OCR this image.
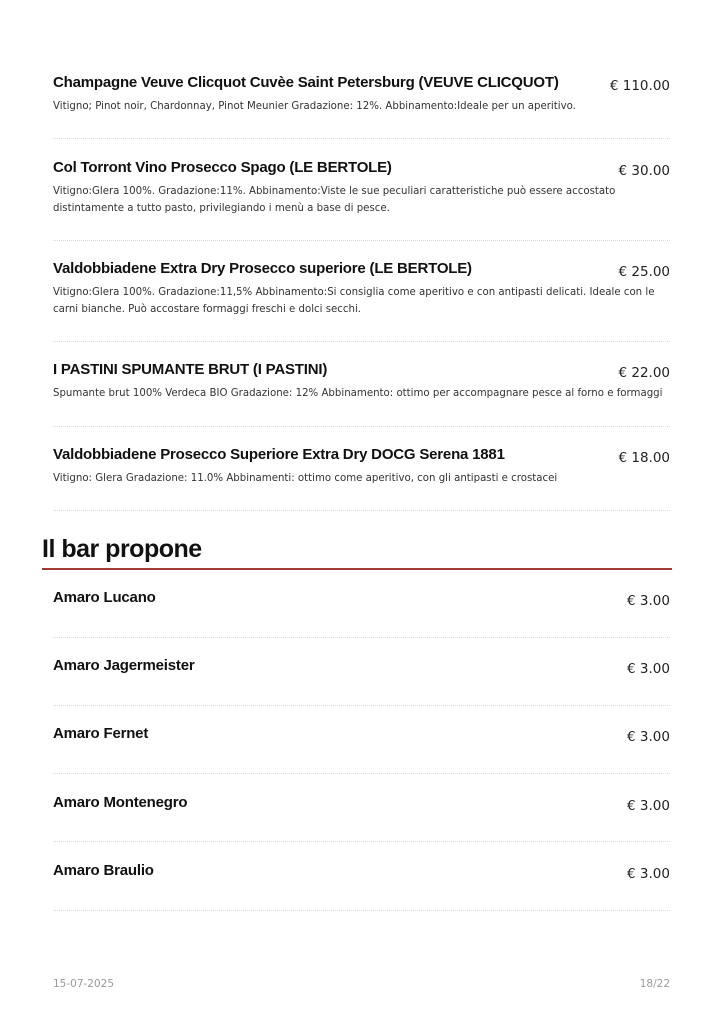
Champagne Veuve Clicquot Cuvèe Saint Petersburg (VEUVE CLICQUOT)	€ 110.00
Vitigno; Pinot noir, Chardonnay, Pinot Meunier Gradazione: 12%. Abbinamento:Ideale per un aperitivo.
Col Torront Vino Prosecco Spago (LE BERTOLE)	€ 30.00
Vitigno:Glera 100%. Gradazione:11%. Abbinamento:Viste le sue peculiari caratteristiche può essere accostato distintamente a tutto pasto, privilegiando i menù a base di pesce.
Valdobbiadene Extra Dry Prosecco superiore (LE BERTOLE)	€ 25.00
Vitigno:Glera 100%. Gradazione:11,5% Abbinamento:Si consiglia come aperitivo e con antipasti delicati. Ideale con le carni bianche. Può accostare formaggi freschi e dolci secchi.
I PASTINI SPUMANTE BRUT (I PASTINI)	€ 22.00
Spumante brut 100% Verdeca BIO Gradazione: 12% Abbinamento: ottimo per accompagnare pesce al forno e formaggi
Valdobbiadene Prosecco Superiore Extra Dry DOCG Serena 1881	€ 18.00
Vitigno: Glera Gradazione: 11.0% Abbinamenti: ottimo come aperitivo, con gli antipasti e crostacei
Il bar propone
Amaro Lucano	€ 3.00
Amaro Jagermeister	€ 3.00
Amaro Fernet	€ 3.00
Amaro Montenegro	€ 3.00
Amaro Braulio	€ 3.00
15-07-2025	18/22
